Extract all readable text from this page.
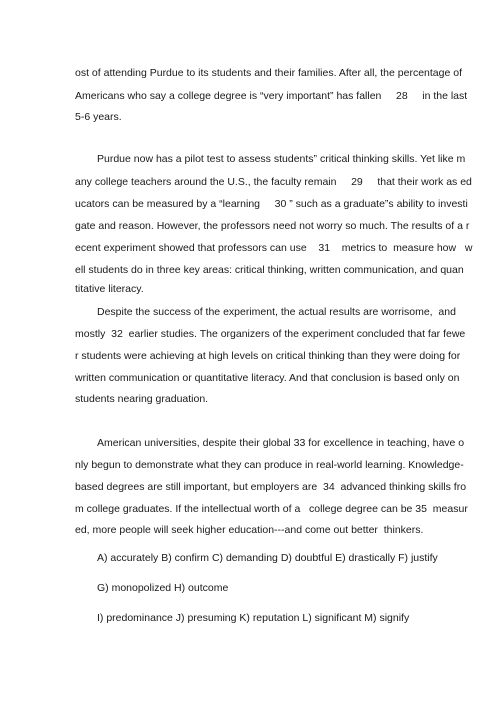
ost of attending Purdue to its students and their families. After all, the percentage of
Americans who say a college degree is “very important” has fallen     28     in the last
5-6 years.
Purdue now has a pilot test to assess students” critical thinking skills. Yet like m
any college teachers around the U.S., the faculty remain     29     that their work as ed
ucators can be measured by a “learning     30 ” such as a graduate”s ability to investi
gate and reason. However, the professors need not worry so much. The results of a r
ecent experiment showed that professors can use    31    metrics to  measure how   w
ell students do in three key areas: critical thinking, written communication, and quan
titative literacy.
Despite the success of the experiment, the actual results are worrisome,  and
mostly  32  earlier studies. The organizers of the experiment concluded that far fewe
r students were achieving at high levels on critical thinking than they were doing for
written communication or quantitative literacy. And that conclusion is based only on
students nearing graduation.
American universities, despite their global 33 for excellence in teaching, have o
nly begun to demonstrate what they can produce in real-world learning. Knowledge-
based degrees are still important, but employers are  34  advanced thinking skills fro
m college graduates. If the intellectual worth of a   college degree can be 35  measur
ed, more people will seek higher education---and come out better  thinkers.
A) accurately B) confirm C) demanding D) doubtful E) drastically F) justify
G) monopolized H) outcome
I) predominance J) presuming K) reputation L) significant M) signify
